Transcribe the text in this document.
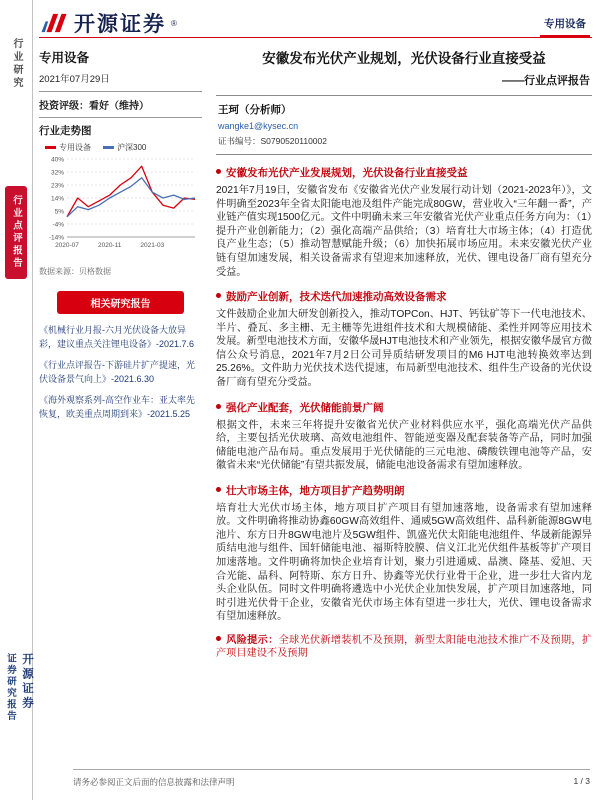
行业研究
行业点评报告
证券研究报告 开源证券
开源证券 ®	专用设备
专用设备
2021年07月29日
投资评级：看好（维持）
行业走势图
专用设备	沪深300
40%
32%
23%
14%
5%
-4%
-14%
2020-07	2020-11	2021-03
数据来源：贝格数据
相关研究报告
《机械行业月报-六月光伏设备大放异彩，建议重点关注锂电设备》-2021.7.6
《行业点评报告-下游硅片扩产提速，光伏设备景气向上》-2021.6.30
《海外观察系列-高空作业车：亚太率先恢复，欧美重点周期到来》-2021.5.25
安徽发布光伏产业规划，光伏设备行业直接受益
——行业点评报告
王珂（分析师）
wangke1@kysec.cn
证书编号：S0790520110002
安徽发布光伏产业发展规划，光伏设备行业直接受益
2021年7月19日，安徽省发布《安徽省光伏产业发展行动计划（2021-2023年）》，文件明确至2023年全省太阳能电池及组件产能完成80GW，营业收入“三年翻一番”，产业链产值实现1500亿元。文件中明确未来三年安徽省光伏产业重点任务方向为：（1）提升产业创新能力；（2）强化高端产品供给；（3）培育壮大市场主体；（4）打造优良产业生态；（5）推动智慧赋能升级；（6）加快拓展市场应用。未来安徽光伏产业链有望加速发展，相关设备需求有望迎来加速释放，光伏、锂电设备厂商有望充分受益。
鼓励产业创新，技术迭代加速推动高效设备需求
文件鼓励企业加大研发创新投入，推动TOPCon、HJT、钙钛矿等下一代电池技术、半片、叠瓦、多主栅、无主栅等先进组件技术和大规模储能、柔性并网等应用技术发展。新型电池技术方面，安徽华晟HJT电池技术和产业领先，根据安徽华晟官方微信公众号消息，2021年7月2日公司异质结研发项目的M6 HJT电池转换效率达到25.26%。文件助力光伏技术迭代提速，布局新型电池技术、组件生产设备的光伏设备厂商有望充分受益。
强化产业配套，光伏储能前景广阔
根据文件，未来三年将提升安徽省光伏产业材料供应水平，强化高端光伏产品供给，主要包括光伏玻璃、高效电池组件、智能逆变器及配套装备等产品，同时加强储能电池产品布局。重点发展用于光伏储能的三元电池、磷酸铁锂电池等产品，安徽省未来“光伏储能”有望共振发展，储能电池设备需求有望加速释放。
壮大市场主体，地方项目扩产趋势明朗
培育壮大光伏市场主体，地方项目扩产项目有望加速落地，设备需求有望加速释放。文件明确将推动协鑫60GW高效组件、通威5GW高效组件、晶科新能源8GW电池片、东方日升8GW电池片及5GW组件、凯盛光伏太阳能电池组件、华晟新能源异质结电池与组件、国轩储能电池、福斯特胶膜、信义江北光伏组件基板等扩产项目加速落地。文件明确将加快企业培育计划，聚力引进通威、晶澳、隆基、爱旭、天合光能、晶科、阿特斯、东方日升、协鑫等光伏行业骨干企业，进一步壮大省内龙头企业队伍。同时文件明确将遴选中小光伏企业加快发展，扩产项目加速落地，同时引进光伏骨干企业，安徽省光伏市场主体有望进一步壮大，光伏、锂电设备需求有望加速释放。
风险提示：全球光伏新增装机不及预期，新型太阳能电池技术推广不及预期，扩产项目建设不及预期
请务必参阅正文后面的信息披露和法律声明	1 / 3
